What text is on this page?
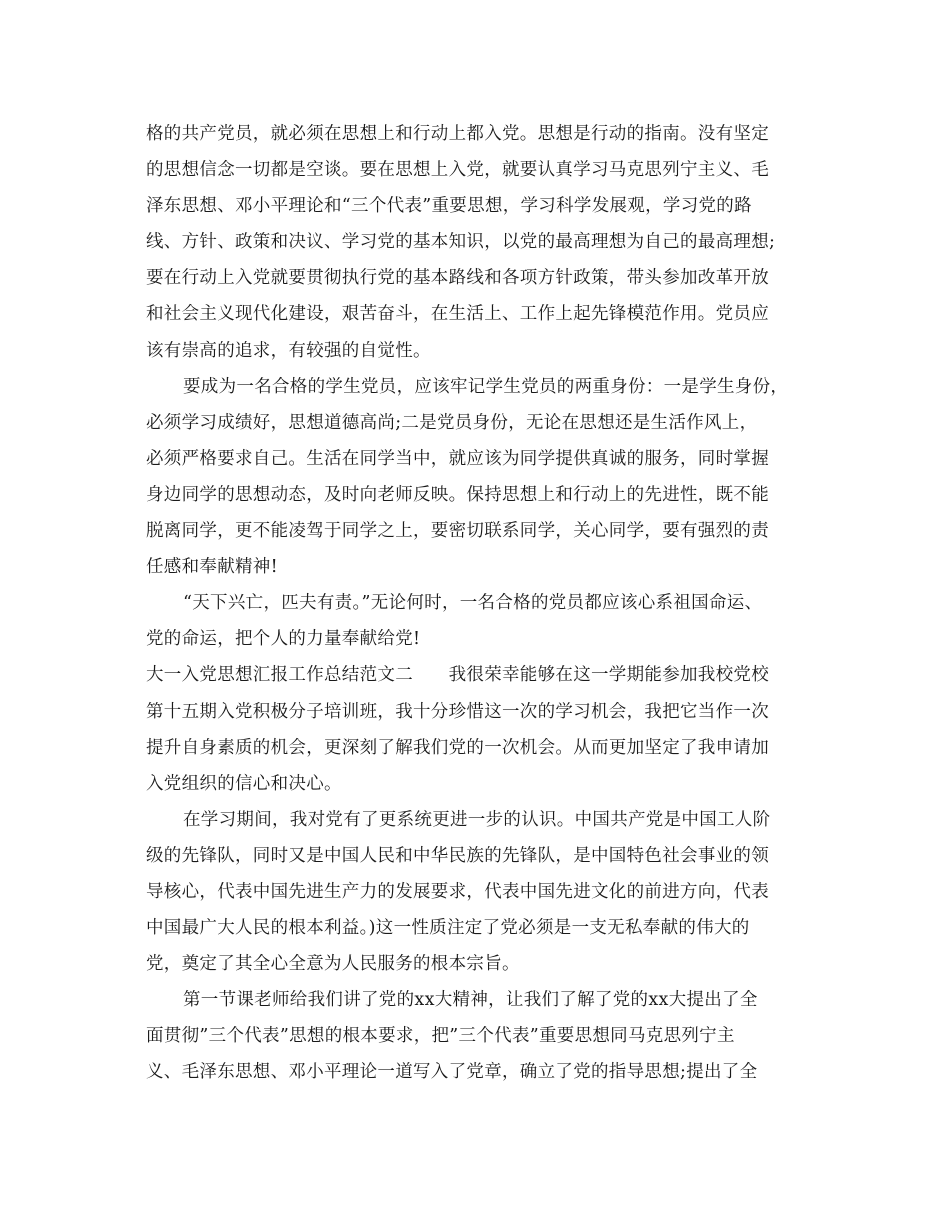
格的共产党员，就必须在思想上和行动上都入党。思想是行动的指南。没有坚定
的思想信念一切都是空谈。要在思想上入党，就要认真学习马克思列宁主义、毛
泽东思想、邓小平理论和“三个代表”重要思想，学习科学发展观，学习党的路
线、方针、政策和决议、学习党的基本知识，以党的最高理想为自己的最高理想;
要在行动上入党就要贯彻执行党的基本路线和各项方针政策，带头参加改革开放
和社会主义现代化建设，艰苦奋斗，在生活上、工作上起先锋模范作用。党员应
该有崇高的追求，有较强的自觉性。
要成为一名合格的学生党员，应该牢记学生党员的两重身份：一是学生身份，
必须学习成绩好，思想道德高尚;二是党员身份，无论在思想还是生活作风上，
必须严格要求自己。生活在同学当中，就应该为同学提供真诚的服务，同时掌握
身边同学的思想动态，及时向老师反映。保持思想上和行动上的先进性，既不能
脱离同学，更不能凌驾于同学之上，要密切联系同学，关心同学，要有强烈的责
任感和奉献精神!
“天下兴亡，匹夫有责。”无论何时，一名合格的党员都应该心系祖国命运、
党的命运，把个人的力量奉献给党!
大一入党思想汇报工作总结范文二　　我很荣幸能够在这一学期能参加我校党校
第十五期入党积极分子培训班，我十分珍惜这一次的学习机会，我把它当作一次
提升自身素质的机会，更深刻了解我们党的一次机会。从而更加坚定了我申请加
入党组织的信心和决心。
在学习期间，我对党有了更系统更进一步的认识。中国共产党是中国工人阶
级的先锋队，同时又是中国人民和中华民族的先锋队，是中国特色社会事业的领
导核心，代表中国先进生产力的发展要求，代表中国先进文化的前进方向，代表
中国最广大人民的根本利益。)这一性质注定了党必须是一支无私奉献的伟大的
党，奠定了其全心全意为人民服务的根本宗旨。
第一节课老师给我们讲了党的xx大精神，让我们了解了党的xx大提出了全
面贯彻”三个代表”思想的根本要求，把”三个代表”重要思想同马克思列宁主
义、毛泽东思想、邓小平理论一道写入了党章，确立了党的指导思想;提出了全
